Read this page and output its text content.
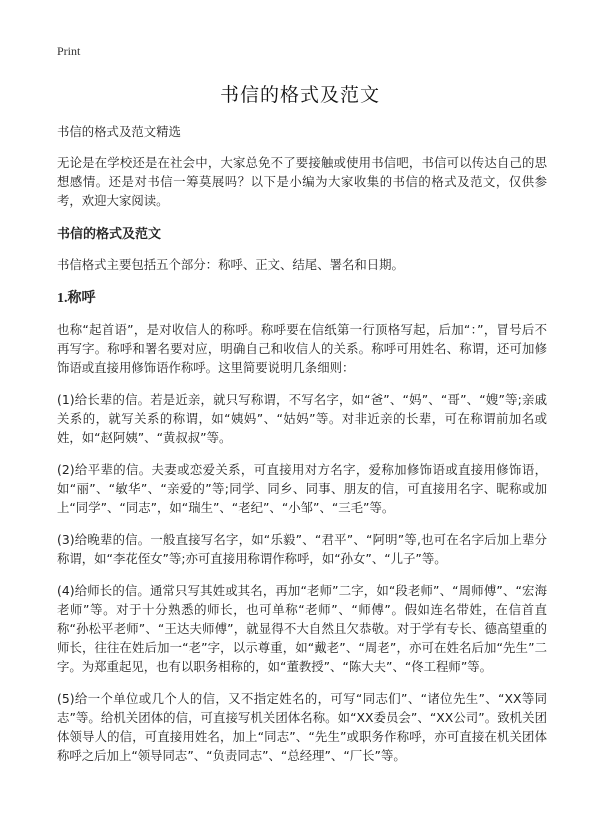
Print
书信的格式及范文

书信的格式及范文精选

无论是在学校还是在社会中，大家总免不了要接触或使用书信吧，书信可以传达自己的思想感情。还是对书信一筹莫展吗？以下是小编为大家收集的书信的格式及范文，仅供参考，欢迎大家阅读。

书信的格式及范文

书信格式主要包括五个部分：称呼、正文、结尾、署名和日期。

1.称呼

也称“起首语”，是对收信人的称呼。称呼要在信纸第一行顶格写起，后加“：”，冒号后不再写字。称呼和署名要对应，明确自己和收信人的关系。称呼可用姓名、称谓，还可加修饰语或直接用修饰语作称呼。这里简要说明几条细则：

(1)给长辈的信。若是近亲，就只写称谓，不写名字，如“爸”、“妈”、“哥”、“嫂”等;亲戚关系的，就写关系的称谓，如“姨妈”、“姑妈”等。对非近亲的长辈，可在称谓前加名或姓，如“赵阿姨”、“黄叔叔”等。

(2)给平辈的信。夫妻或恋爱关系，可直接用对方名字，爱称加修饰语或直接用修饰语，如“丽”、“敏华”、“亲爱的”等;同学、同乡、同事、朋友的信，可直接用名字、昵称或加上“同学”、“同志”，如“瑞生”、“老纪”、“小邹”、“三毛”等。

(3)给晚辈的信。一般直接写名字，如“乐毅”、“君平”、“阿明”等,也可在名字后加上辈分称谓，如“李花侄女”等;亦可直接用称谓作称呼，如“孙女”、“儿子”等。

(4)给师长的信。通常只写其姓或其名，再加“老师”二字，如“段老师”、“周师傅”、“宏海老师”等。对于十分熟悉的师长，也可单称“老师”、“师傅”。假如连名带姓，在信首直称“孙松平老师”、“王达夫师傅”，就显得不大自然且欠恭敬。对于学有专长、德高望重的师长，往往在姓后加一“老”字，以示尊重，如“戴老”、“周老”，亦可在姓名后加“先生”二字。为郑重起见，也有以职务相称的，如“董教授”、“陈大夫”、“佟工程师”等。

(5)给一个单位或几个人的信，又不指定姓名的，可写“同志们”、“诸位先生”、“XX等同志”等。给机关团体的信，可直接写机关团体名称。如“XX委员会”、“XX公司”。致机关团体领导人的信，可直接用姓名，加上“同志”、“先生”或职务作称呼，亦可直接在机关团体称呼之后加上“领导同志”、“负责同志”、“总经理”、“厂长”等。
